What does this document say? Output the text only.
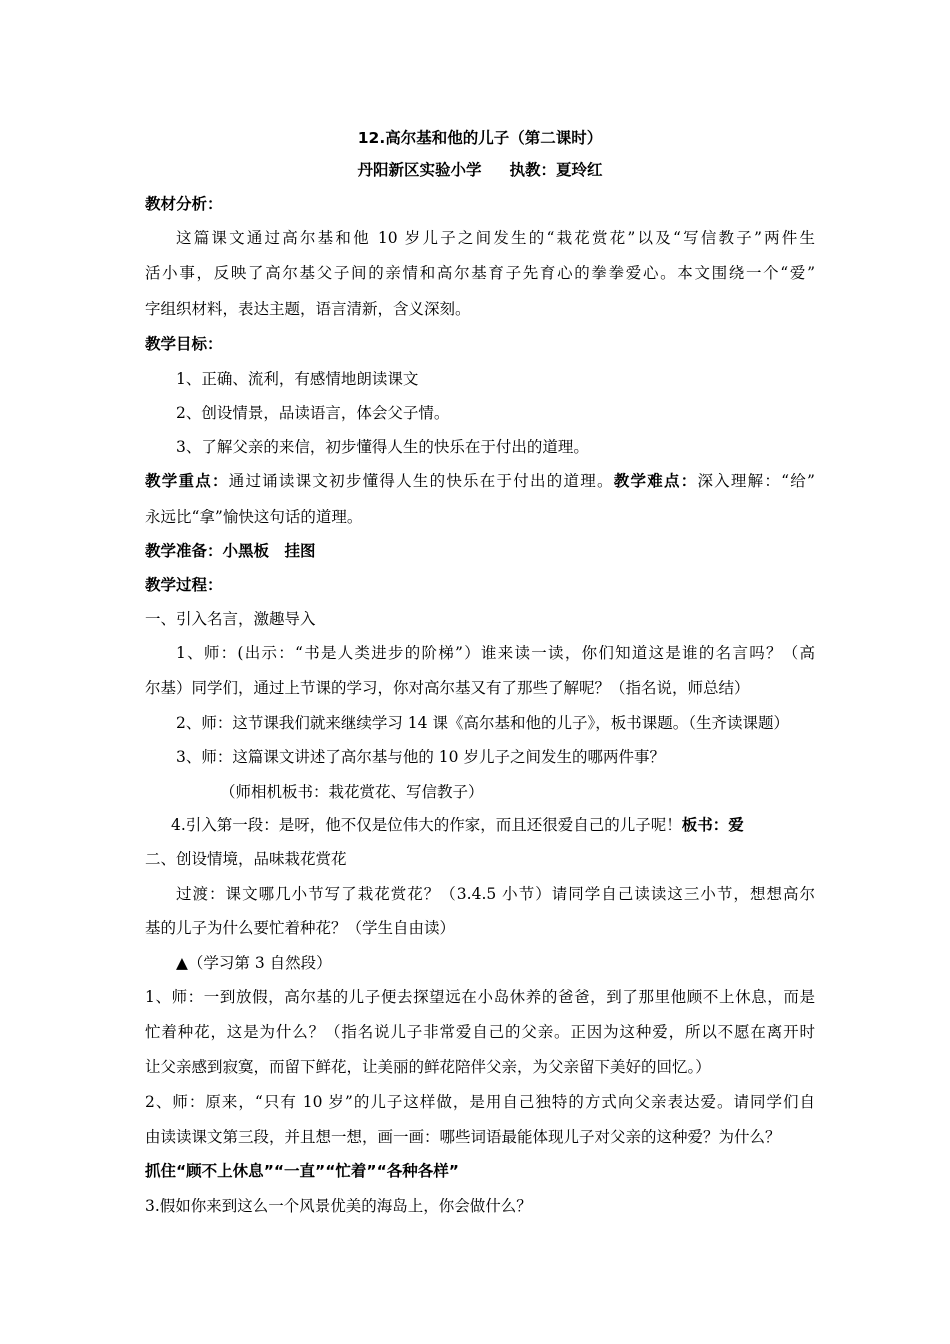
12.高尔基和他的儿子（第二课时）
丹阳新区实验小学 执教：夏玲红
教材分析：
这篇课文通过高尔基和他 10 岁儿子之间发生的“栽花赏花”以及“写信教子”两件生
活小事，反映了高尔基父子间的亲情和高尔基育子先育心的拳拳爱心。本文围绕一个“爱”
字组织材料，表达主题，语言清新，含义深刻。
教学目标：
1、正确、流利，有感情地朗读课文
2、创设情景，品读语言，体会父子情。
3、了解父亲的来信，初步懂得人生的快乐在于付出的道理。
教学重点：通过诵读课文初步懂得人生的快乐在于付出的道理。教学难点：深入理解：“给”
永远比“拿”愉快这句话的道理。
教学准备：小黑板　挂图
教学过程：
一、引入名言，激趣导入
1、师：(出示：“书是人类进步的阶梯”）谁来读一读，你们知道这是谁的名言吗？（高
尔基）同学们，通过上节课的学习，你对高尔基又有了那些了解呢？（指名说，师总结）
2、师：这节课我们就来继续学习 14 课《高尔基和他的儿子》，板书课题。（生齐读课题）
3、师：这篇课文讲述了高尔基与他的 10 岁儿子之间发生的哪两件事？
（师相机板书：栽花赏花、写信教子）
4.引入第一段：是呀，他不仅是位伟大的作家，而且还很爱自己的儿子呢！板书：爱
二、创设情境，品味栽花赏花
过渡：课文哪几小节写了栽花赏花？（3.4.5 小节）请同学自己读读这三小节，想想高尔
基的儿子为什么要忙着种花？（学生自由读）
▲（学习第 3 自然段）
1、师：一到放假，高尔基的儿子便去探望远在小岛休养的爸爸，到了那里他顾不上休息，而是
忙着种花，这是为什么？（指名说儿子非常爱自己的父亲。正因为这种爱，所以不愿在离开时
让父亲感到寂寞，而留下鲜花，让美丽的鲜花陪伴父亲，为父亲留下美好的回忆。）
2、师：原来，“只有 10 岁”的儿子这样做，是用自己独特的方式向父亲表达爱。请同学们自
由读读课文第三段，并且想一想，画一画：哪些词语最能体现儿子对父亲的这种爱？为什么？
抓住“顾不上休息”“一直”“忙着”“各种各样”
3.假如你来到这么一个风景优美的海岛上，你会做什么？
